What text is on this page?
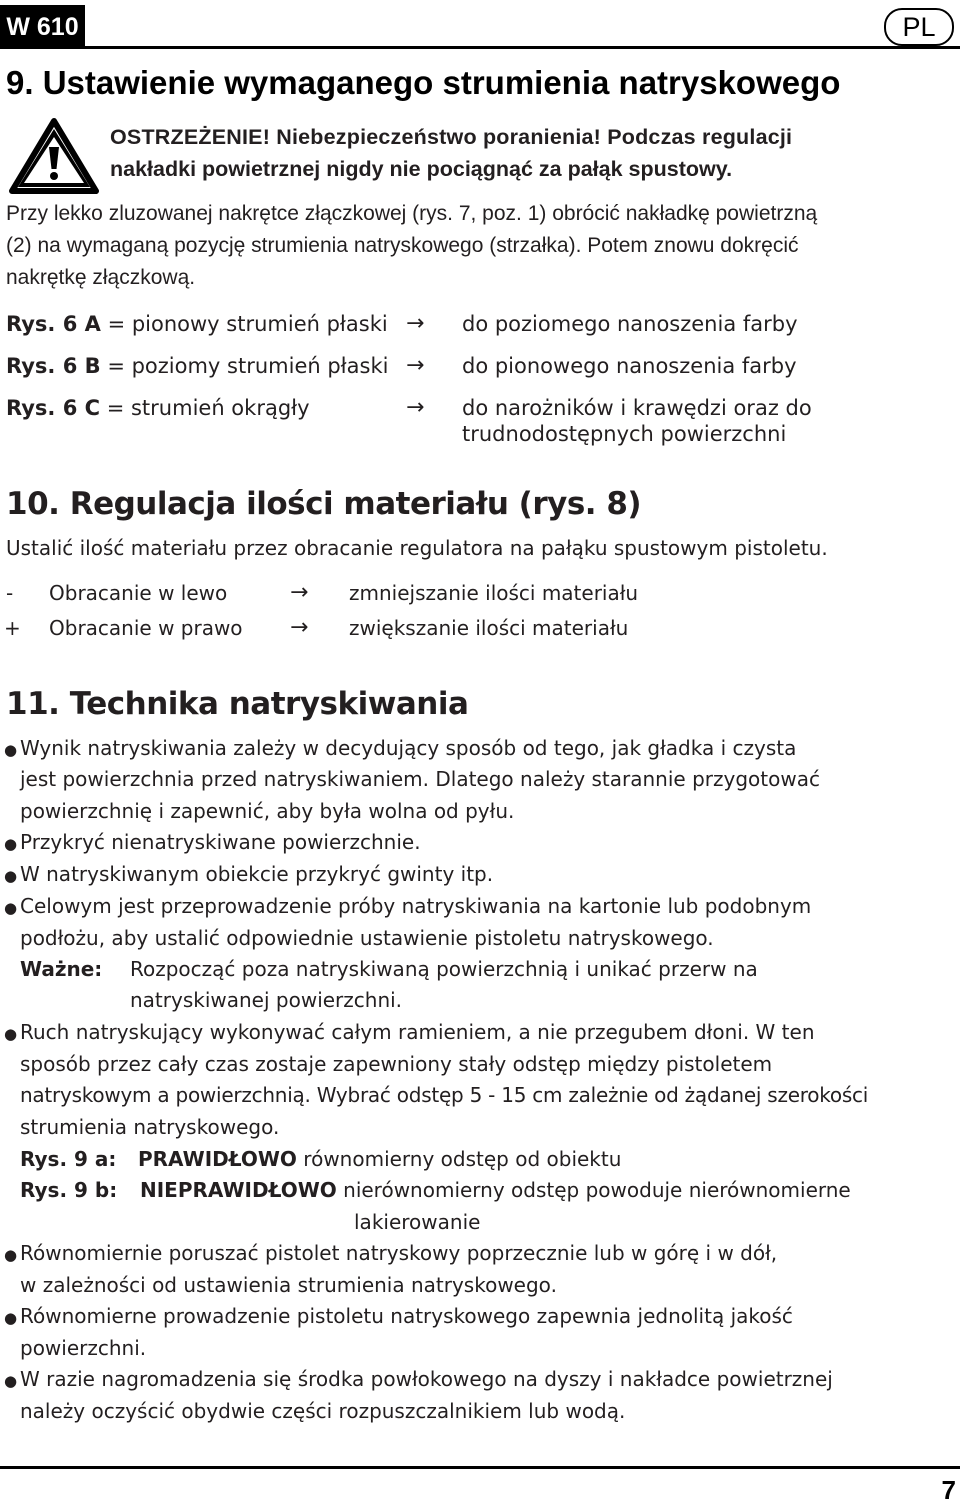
W 610	PL
9. Ustawienie wymaganego strumienia natryskowego
OSTRZEŻENIE! Niebezpieczeństwo poranienia! Podczas regulacji
nakładki powietrznej nigdy nie pociągnąć za pałąk spustowy.
Przy lekko zluzowanej nakrętce złączkowej (rys. 7, poz. 1) obrócić nakładkę powietrzną
(2) na wymaganą pozycję strumienia natryskowego (strzałka). Potem znowu dokręcić
nakrętkę złączkową.
Rys. 6 A = pionowy strumień płaski → do poziomego nanoszenia farby
Rys. 6 B = poziomy strumień płaski → do pionowego nanoszenia farby
Rys. 6 C = strumień okrągły	→ do narożników i krawędzi oraz do
trudnodostępnych powierzchni
10. Regulacja ilości materiału (rys. 8)
Ustalić ilość materiału przez obracanie regulatora na pałąku spustowym pistoletu.
- Obracanie w lewo	→ zmniejszanie ilości materiału
+ Obracanie w prawo → zwiększanie ilości materiału
11. Technika natryskiwania
● Wynik natryskiwania zależy w decydujący sposób od tego, jak gładka i czysta
jest powierzchnia przed natryskiwaniem. Dlatego należy starannie przygotować
powierzchnię i zapewnić, aby była wolna od pyłu.
● Przykryć nienatryskiwane powierzchnie.
● W natryskiwanym obiekcie przykryć gwinty itp.
● Celowym jest przeprowadzenie próby natryskiwania na kartonie lub podobnym
podłożu, aby ustalić odpowiednie ustawienie pistoletu natryskowego.
Ważne: Rozpocząć poza natryskiwaną powierzchnią i unikać przerw na
natryskiwanej powierzchni.
● Ruch natryskujący wykonywać całym ramieniem, a nie przegubem dłoni. W ten
sposób przez cały czas zostaje zapewniony stały odstęp między pistoletem
natryskowym a powierzchnią. Wybrać odstęp 5 - 15 cm zależnie od żądanej szerokości
strumienia natryskowego.
Rys. 9 a: PRAWIDŁOWO równomierny odstęp od obiektu
Rys. 9 b: NIEPRAWIDŁOWO nierównomierny odstęp powoduje nierównomierne
lakierowanie
● Równomiernie poruszać pistolet natryskowy poprzecznie lub w górę i w dół,
w zależności od ustawienia strumienia natryskowego.
● Równomierne prowadzenie pistoletu natryskowego zapewnia jednolitą jakość
powierzchni.
● W razie nagromadzenia się środka powłokowego na dyszy i nakładce powietrznej
należy oczyścić obydwie części rozpuszczalnikiem lub wodą.
7
